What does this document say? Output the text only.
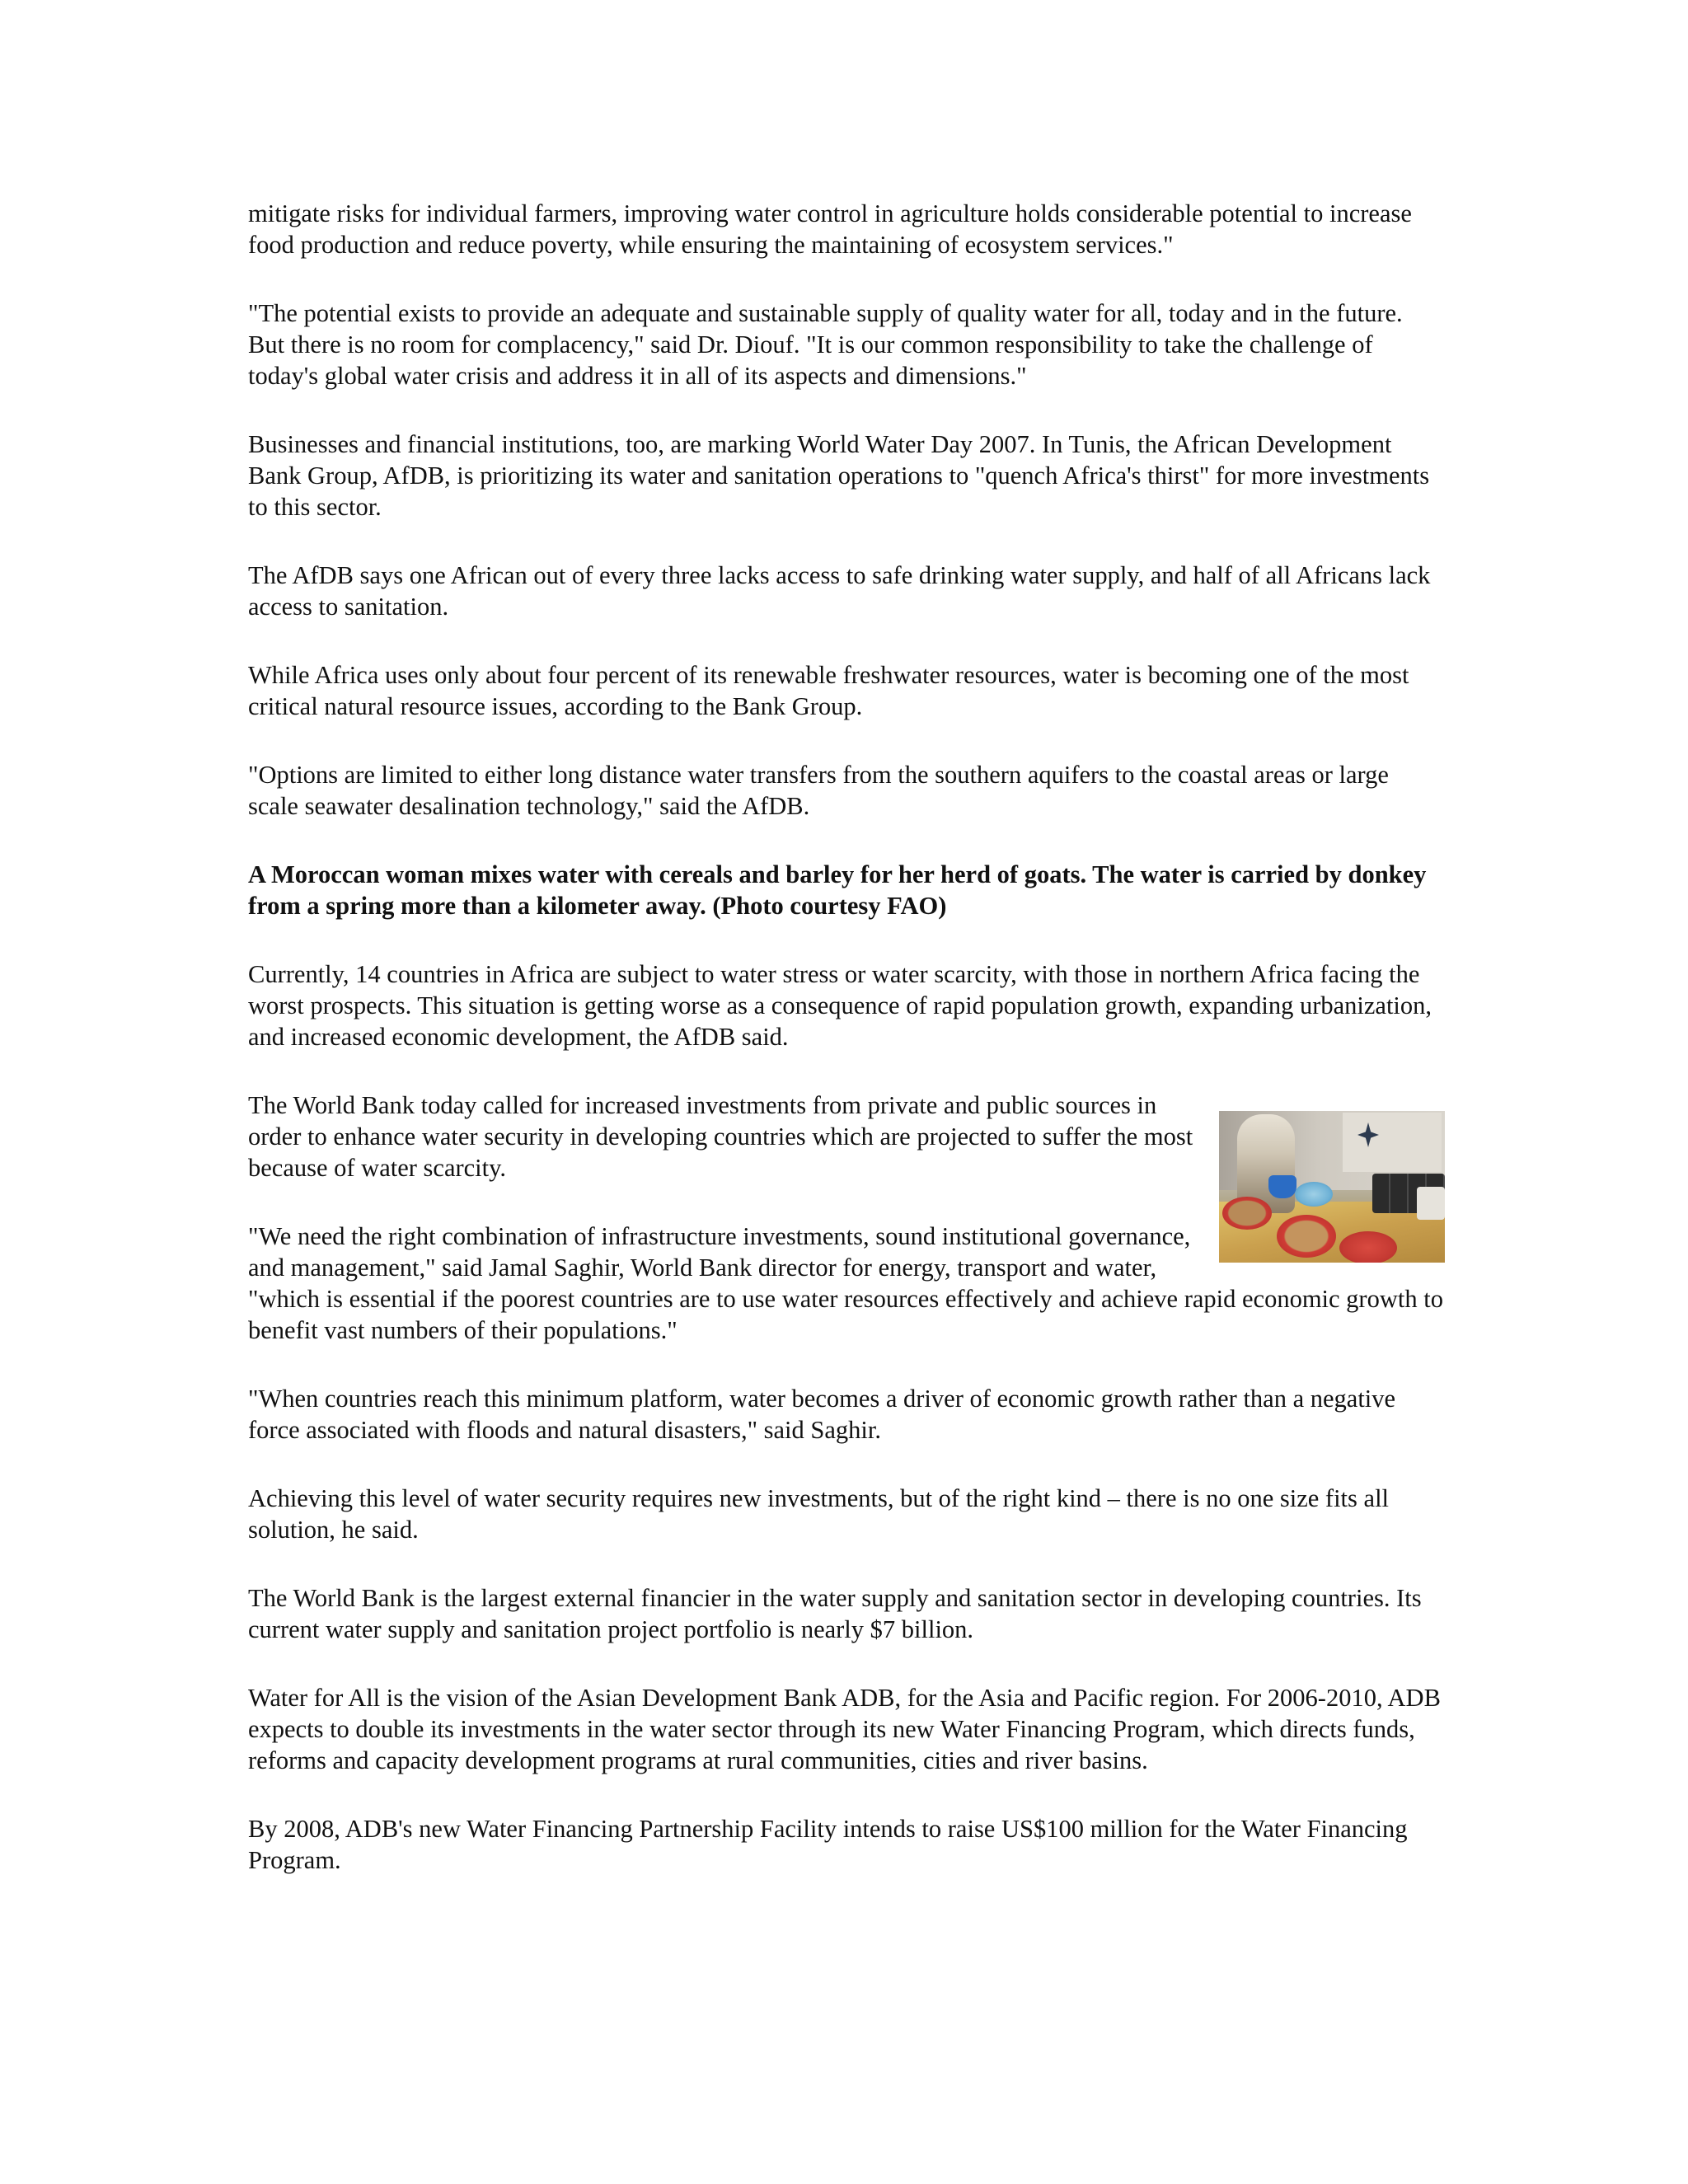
mitigate risks for individual farmers, improving water control in agriculture holds considerable potential to increase food production and reduce poverty, while ensuring the maintaining of ecosystem services."

"The potential exists to provide an adequate and sustainable supply of quality water for all, today and in the future. But there is no room for complacency," said Dr. Diouf. "It is our common responsibility to take the challenge of today's global water crisis and address it in all of its aspects and dimensions."

Businesses and financial institutions, too, are marking World Water Day 2007. In Tunis, the African Development Bank Group, AfDB, is prioritizing its water and sanitation operations to "quench Africa's thirst" for more investments to this sector.

The AfDB says one African out of every three lacks access to safe drinking water supply, and half of all Africans lack access to sanitation.

While Africa uses only about four percent of its renewable freshwater resources, water is becoming one of the most critical natural resource issues, according to the Bank Group.

"Options are limited to either long distance water transfers from the southern aquifers to the coastal areas or large scale seawater desalination technology," said the AfDB.

A Moroccan woman mixes water with cereals and barley for her herd of goats. The water is carried by donkey from a spring more than a kilometer away. (Photo courtesy FAO)

Currently, 14 countries in Africa are subject to water stress or water scarcity, with those in northern Africa facing the worst prospects. This situation is getting worse as a consequence of rapid population growth, expanding urbanization, and increased economic development, the AfDB said.

The World Bank today called for increased investments from private and public sources in order to enhance water security in developing countries which are projected to suffer the most because of water scarcity.

"We need the right combination of infrastructure investments, sound institutional governance, and management," said Jamal Saghir, World Bank director for energy, transport and water, "which is essential if the poorest countries are to use water resources effectively and achieve rapid economic growth to benefit vast numbers of their populations."

"When countries reach this minimum platform, water becomes a driver of economic growth rather than a negative force associated with floods and natural disasters," said Saghir.

Achieving this level of water security requires new investments, but of the right kind – there is no one size fits all solution, he said.

The World Bank is the largest external financier in the water supply and sanitation sector in developing countries. Its current water supply and sanitation project portfolio is nearly $7 billion.

Water for All is the vision of the Asian Development Bank ADB, for the Asia and Pacific region. For 2006-2010, ADB expects to double its investments in the water sector through its new Water Financing Program, which directs funds, reforms and capacity development programs at rural communities, cities and river basins.

By 2008, ADB's new Water Financing Partnership Facility intends to raise US$100 million for the Water Financing Program.
